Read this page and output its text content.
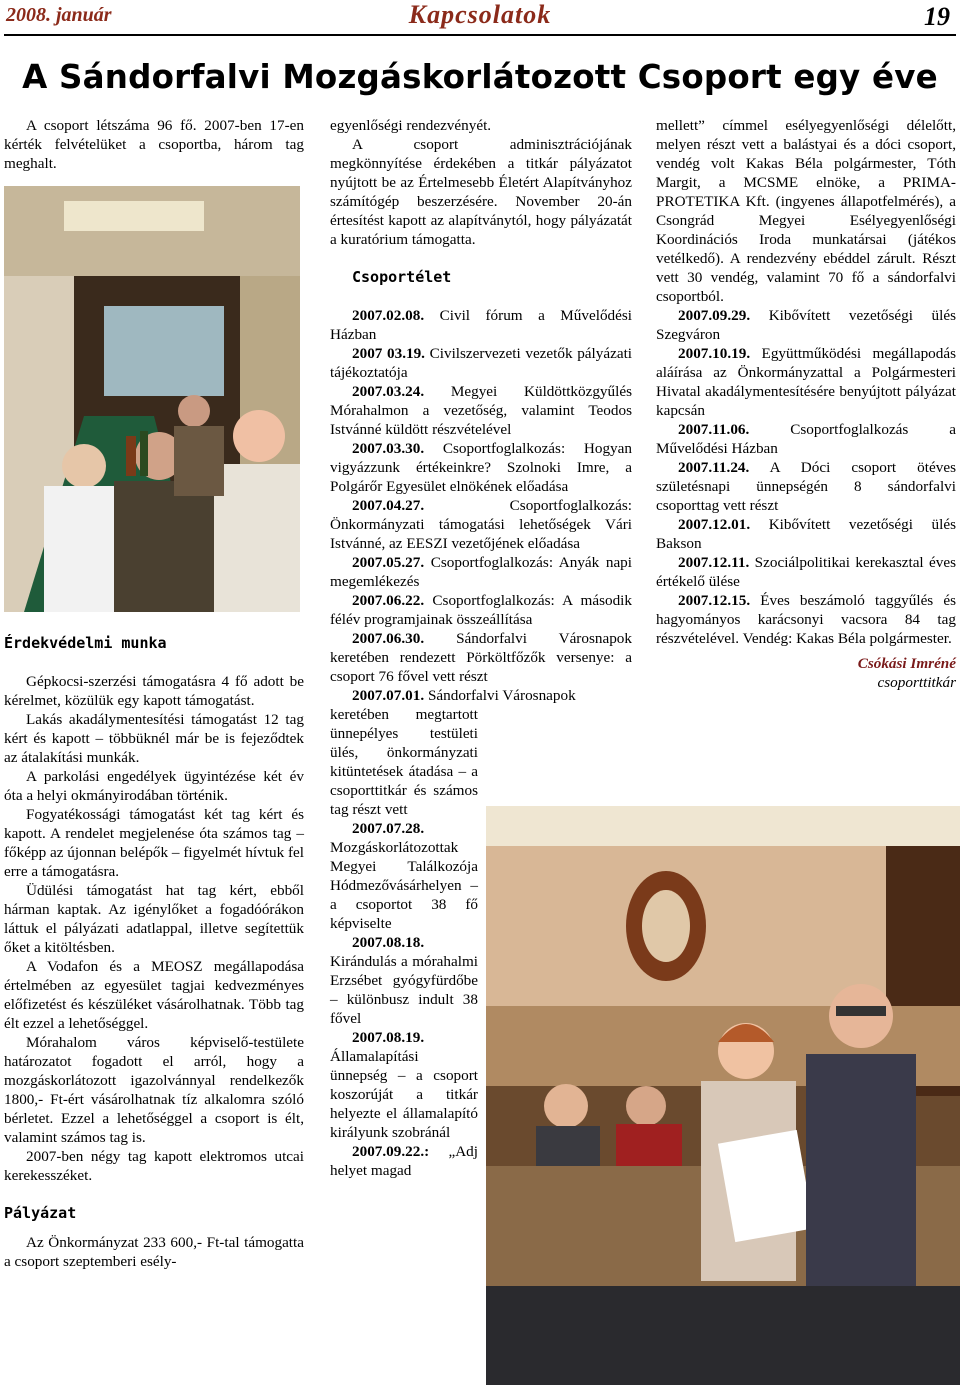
2008. január	Kapcsolatok	19
A Sándorfalvi Mozgáskorlátozott Csoport egy éve

A csoport létszáma 96 fő. 2007-ben 17-en kérték felvételüket a csoportba, három tag meghalt.

Érdekvédelmi munka

Gépkocsi-szerzési támogatásra 4 fő adott be kérelmet, közülük egy kapott támogatást.

Lakás akadálymentesítési támogatást 12 tag kért és kapott – többüknél már be is fejeződtek az átalakítási munkák.

A parkolási engedélyek ügyintézése két év óta a helyi okmányirodában történik.

Fogyatékossági támogatást két tag kért és kapott. A rendelet megjelenése óta számos tag – főképp az újonnan belépők – figyelmét hívtuk fel erre a támogatásra.

Üdülési támogatást hat tag kért, ebből hárman kaptak. Az igénylőket a fogadóórákon láttuk el pályázati adatlappal, illetve segítettük őket a kitöltésben.

A Vodafon és a MEOSZ megállapodása értelmében az egyesület tagjai kedvezményes előfizetést és készüléket vásárolhatnak. Több tag élt ezzel a lehetőséggel.

Mórahalom város képviselő-testülete határozatot fogadott el arról, hogy a mozgáskorlátozott igazolvánnyal rendelkezők 1800,- Ft-ért vásárolhatnak tíz alkalomra szóló bérletet. Ezzel a lehetőséggel a csoport is élt, valamint számos tag is.

2007-ben négy tag kapott elektromos utcai kerekesszéket.

Pályázat

Az Önkormányzat 233 600,- Ft-tal támogatta a csoport szeptemberi esély-

egyenlőségi rendezvényét.

A csoport adminisztrációjának megkönnyítése érdekében a titkár pályázatot nyújtott be az Értelmesebb Életért Alapítványhoz számítógép beszerzésére. November 20-án értesítést kapott az alapítványtól, hogy pályázatát a kuratórium támogatta.

Csoportélet

2007.02.08. Civil fórum a Művelődési Házban

2007 03.19. Civilszervezeti vezetők pályázati tájékoztatója

2007.03.24. Megyei Küldöttközgyűlés Mórahalmon a vezetőség, valamint Teodos Istvánné küldött részvételével

2007.03.30. Csoportfoglalkozás: Hogyan vigyázzunk értékeinkre? Szolnoki Imre, a Polgárőr Egyesület elnökének előadása

2007.04.27.	Csoportfoglalkozás: Önkormányzati támogatási lehetőségek Vári Istvánné, az EESZI vezetőjének előadása

2007.05.27. Csoportfoglalkozás: Anyák napi megemlékezés

2007.06.22. Csoportfoglalkozás: A második félév programjainak összeállítása

2007.06.30. Sándorfalvi Városnapok keretében rendezett Pörköltfőzők versenye: a csoport 76 fővel vett részt

2007.07.01. Sándorfalvi Városnapok

keretében megtartott ünnepélyes testületi ülés, önkormányzati kitüntetések átadása – a csoporttitkár és számos tag részt vett

2007.07.28. Mozgáskorlátozottak Megyei Találkozója Hódmezővásárhelyen – a csoportot 38 fő képviselte

2007.08.18. Kirándulás a mórahalmi Erzsébet gyógyfürdőbe – különbusz indult 38 fővel

2007.08.19. Államalapítási ünnepség – a csoport koszorúját a titkár helyezte el államalapító királyunk szobránál

2007.09.22.: „Adj helyet magad

mellett” címmel esélyegyenlőségi délelőtt, melyen részt vett a balástyai és a dóci csoport, vendég volt Kakas Béla polgármester, Tóth Margit, a MCSME elnöke, a PRIMA-PROTETIKA Kft. (ingyenes állapotfelmérés), a Csongrád Megyei Esélyegyenlőségi Koordinációs Iroda munkatársai (játékos vetélkedő). A rendezvény ebéddel zárult. Részt vett 30 vendég, valamint 70 fő a sándorfalvi csoportból.

2007.09.29. Kibővített vezetőségi ülés Szegváron

2007.10.19. Együttműködési megállapodás aláírása az Önkormányzattal a Polgármesteri Hivatal akadálymentesítésére benyújtott pályázat kapcsán

2007.11.06.	Csoportfoglalkozás a Művelődési Házban

2007.11.24. A Dóci csoport ötéves születésnapi ünnepségén 8 sándorfalvi csoporttag vett részt

2007.12.01. Kibővített vezetőségi ülés Bakson

2007.12.11. Szociálpolitikai kerekasztal éves értékelő ülése

2007.12.15. Éves beszámoló taggyűlés és hagyományos karácsonyi vacsora 84 tag részvételével. Vendég: Kakas Béla polgármester.

Csókási Imréné
csoporttitkár
